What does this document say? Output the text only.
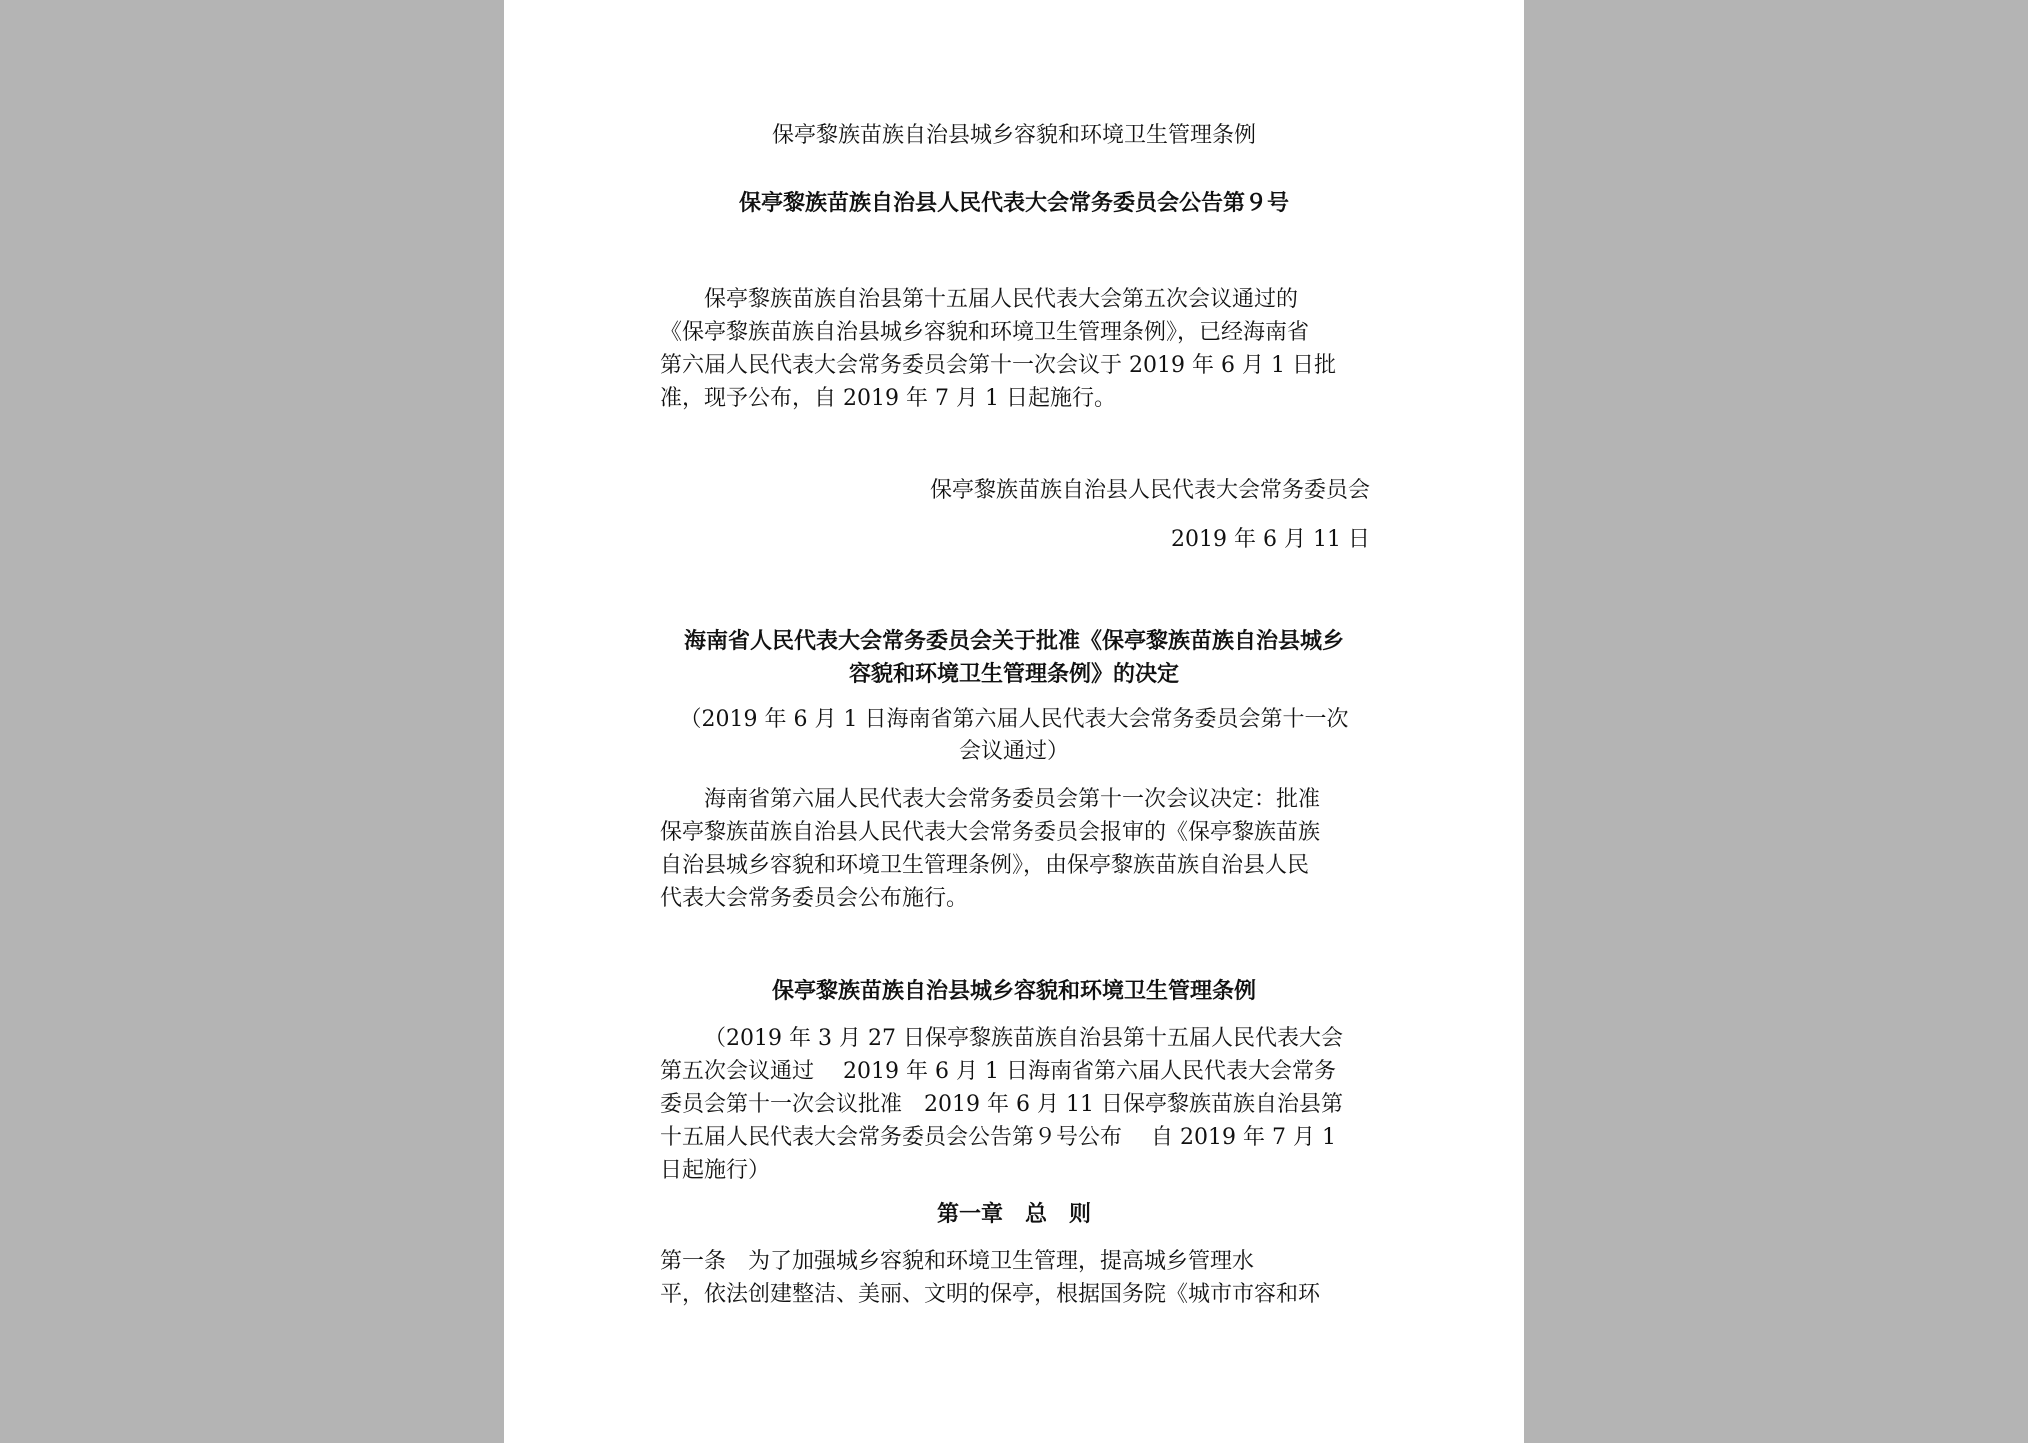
保亭黎族苗族自治县城乡容貌和环境卫生管理条例
保亭黎族苗族自治县人民代表大会常务委员会公告第９号
保亭黎族苗族自治县第十五届人民代表大会第五次会议通过的
《保亭黎族苗族自治县城乡容貌和环境卫生管理条例》，已经海南省
第六届人民代表大会常务委员会第十一次会议于 2019 年 6 月 1 日批
准，现予公布，自 2019 年 7 月 1 日起施行。
保亭黎族苗族自治县人民代表大会常务委员会
2019 年 6 月 11 日
海南省人民代表大会常务委员会关于批准《保亭黎族苗族自治县城乡
容貌和环境卫生管理条例》的决定
（2019 年 6 月 1 日海南省第六届人民代表大会常务委员会第十一次
会议通过）
海南省第六届人民代表大会常务委员会第十一次会议决定：批准
保亭黎族苗族自治县人民代表大会常务委员会报审的《保亭黎族苗族
自治县城乡容貌和环境卫生管理条例》，由保亭黎族苗族自治县人民
代表大会常务委员会公布施行。
保亭黎族苗族自治县城乡容貌和环境卫生管理条例
（2019 年 3 月 27 日保亭黎族苗族自治县第十五届人民代表大会
第五次会议通过　 2019 年 6 月 1 日海南省第六届人民代表大会常务
委员会第十一次会议批准　2019 年 6 月 11 日保亭黎族苗族自治县第
十五届人民代表大会常务委员会公告第９号公布　 自 2019 年 7 月 1
日起施行）
第一章　总　则
第一条　为了加强城乡容貌和环境卫生管理，提高城乡管理水
平，依法创建整洁、美丽、文明的保亭，根据国务院《城市市容和环
